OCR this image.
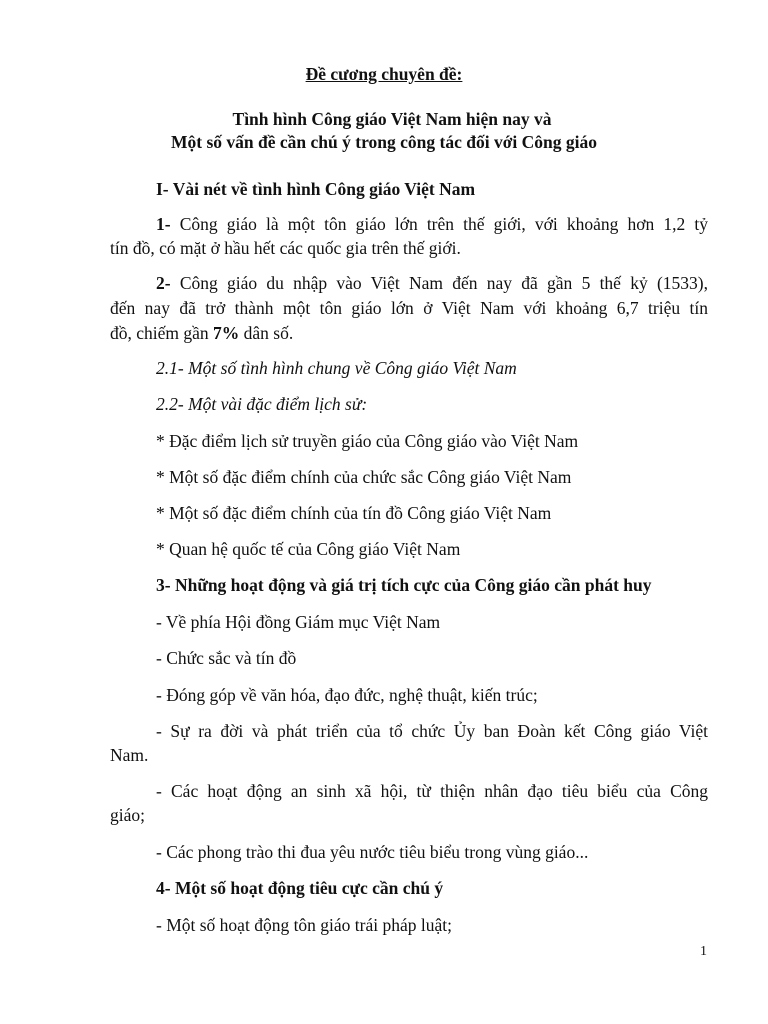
Đề cương chuyên đề:
Tình hình Công giáo Việt Nam hiện nay và
Một số vấn đề cần chú ý trong công tác đối với Công giáo
I- Vài nét về tình hình Công giáo Việt Nam
1- Công giáo là một tôn giáo lớn trên thế giới, với khoảng hơn 1,2 tỷ
tín đồ, có mặt ở hầu hết các quốc gia trên thế giới.
2- Công giáo du nhập vào Việt Nam đến nay đã gần 5 thế kỷ (1533),
đến nay đã trở thành một tôn giáo lớn ở Việt Nam với khoảng 6,7 triệu tín
đồ, chiếm gần 7% dân số.
2.1- Một số tình hình chung về Công giáo Việt Nam
2.2- Một vài đặc điểm lịch sử:
* Đặc điểm lịch sử truyền giáo của Công giáo vào Việt Nam
* Một số đặc điểm chính của chức sắc Công giáo Việt Nam
* Một số đặc điểm chính của tín đồ Công giáo Việt Nam
* Quan hệ quốc tế của Công giáo Việt Nam
3- Những hoạt động và giá trị tích cực của Công giáo cần phát huy
- Về phía Hội đồng Giám mục Việt Nam
- Chức sắc và tín đồ
- Đóng góp về văn hóa, đạo đức, nghệ thuật, kiến trúc;
- Sự ra đời và phát triển của tổ chức Ủy ban Đoàn kết Công giáo Việt
Nam.
- Các hoạt động an sinh xã hội, từ thiện nhân đạo tiêu biểu của Công
giáo;
- Các phong trào thi đua yêu nước tiêu biểu trong vùng giáo...
4- Một số hoạt động tiêu cực cần chú ý
- Một số hoạt động tôn giáo trái pháp luật;
1
